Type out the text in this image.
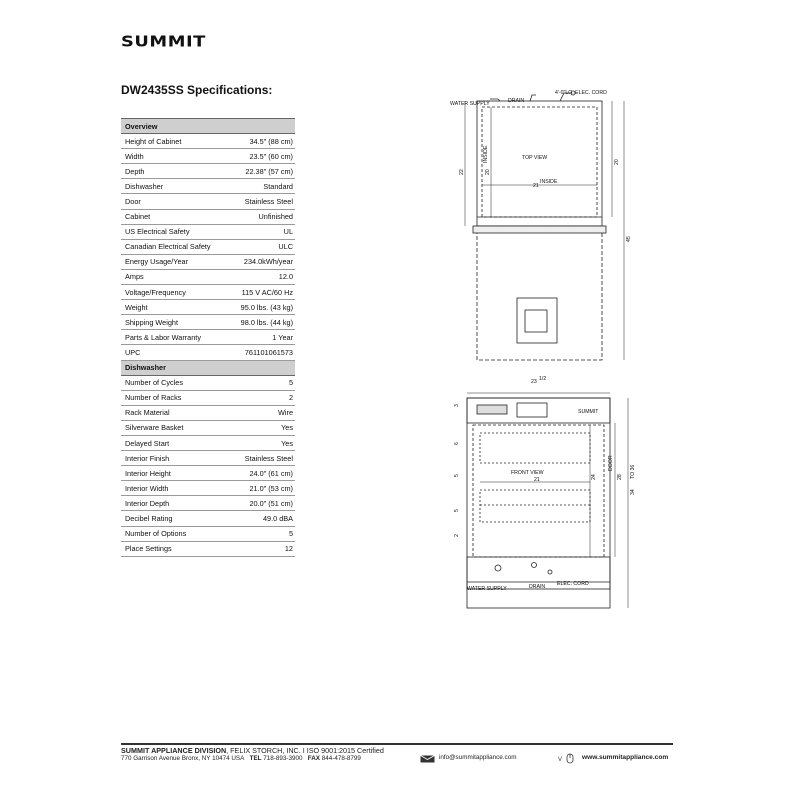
SUMMIT
DW2435SS Specifications:
Overview	
Height of Cabinet	34.5" (88 cm)
Width	23.5" (60 cm)
Depth	22.38" (57 cm)
Dishwasher	Standard
Door	Stainless Steel
Cabinet	Unfinished
US Electrical Safety	UL
Canadian Electrical Safety	ULC
Energy Usage/Year	234.0kWh/year
Amps	12.0
Voltage/Frequency	115 V AC/60 Hz
Weight	95.0 lbs. (43 kg)
Shipping Weight	98.0 lbs. (44 kg)
Parts & Labor Warranty	1 Year
UPC	761101061573
Dishwasher	
Number of Cycles	5
Number of Racks	2
Rack Material	Wire
Silverware Basket	Yes
Delayed Start	Yes
Interior Finish	Stainless Steel
Interior Height	24.0" (61 cm)
Interior Width	21.0" (53 cm)
Interior Depth	20.0" (51 cm)
Decibel Rating	49.0 dBA
Number of Options	5
Place Settings	12
WATER SUPPLY	DRAIN
4'-0"LG. ELEC. CORD
TOP VIEW
INSIDE
21
INSIDE
20
22
20
45
23 1/2
SUMMIT
FRONT VIEW
21	24
DOOR
28
34
TO 36
6
5
5
2
3
WATER SUPPLY	DRAIN ELEC. CORD
SUMMIT APPLIANCE DIVISION, FELIX STORCH, INC. I ISO 9001:2015 Certified
770 Garrison Avenue Bronx, NY 10474 USA TEL 718-893-3900 FAX 844-478-8799	info@summitappliance.com	V	www.summitappliance.com
